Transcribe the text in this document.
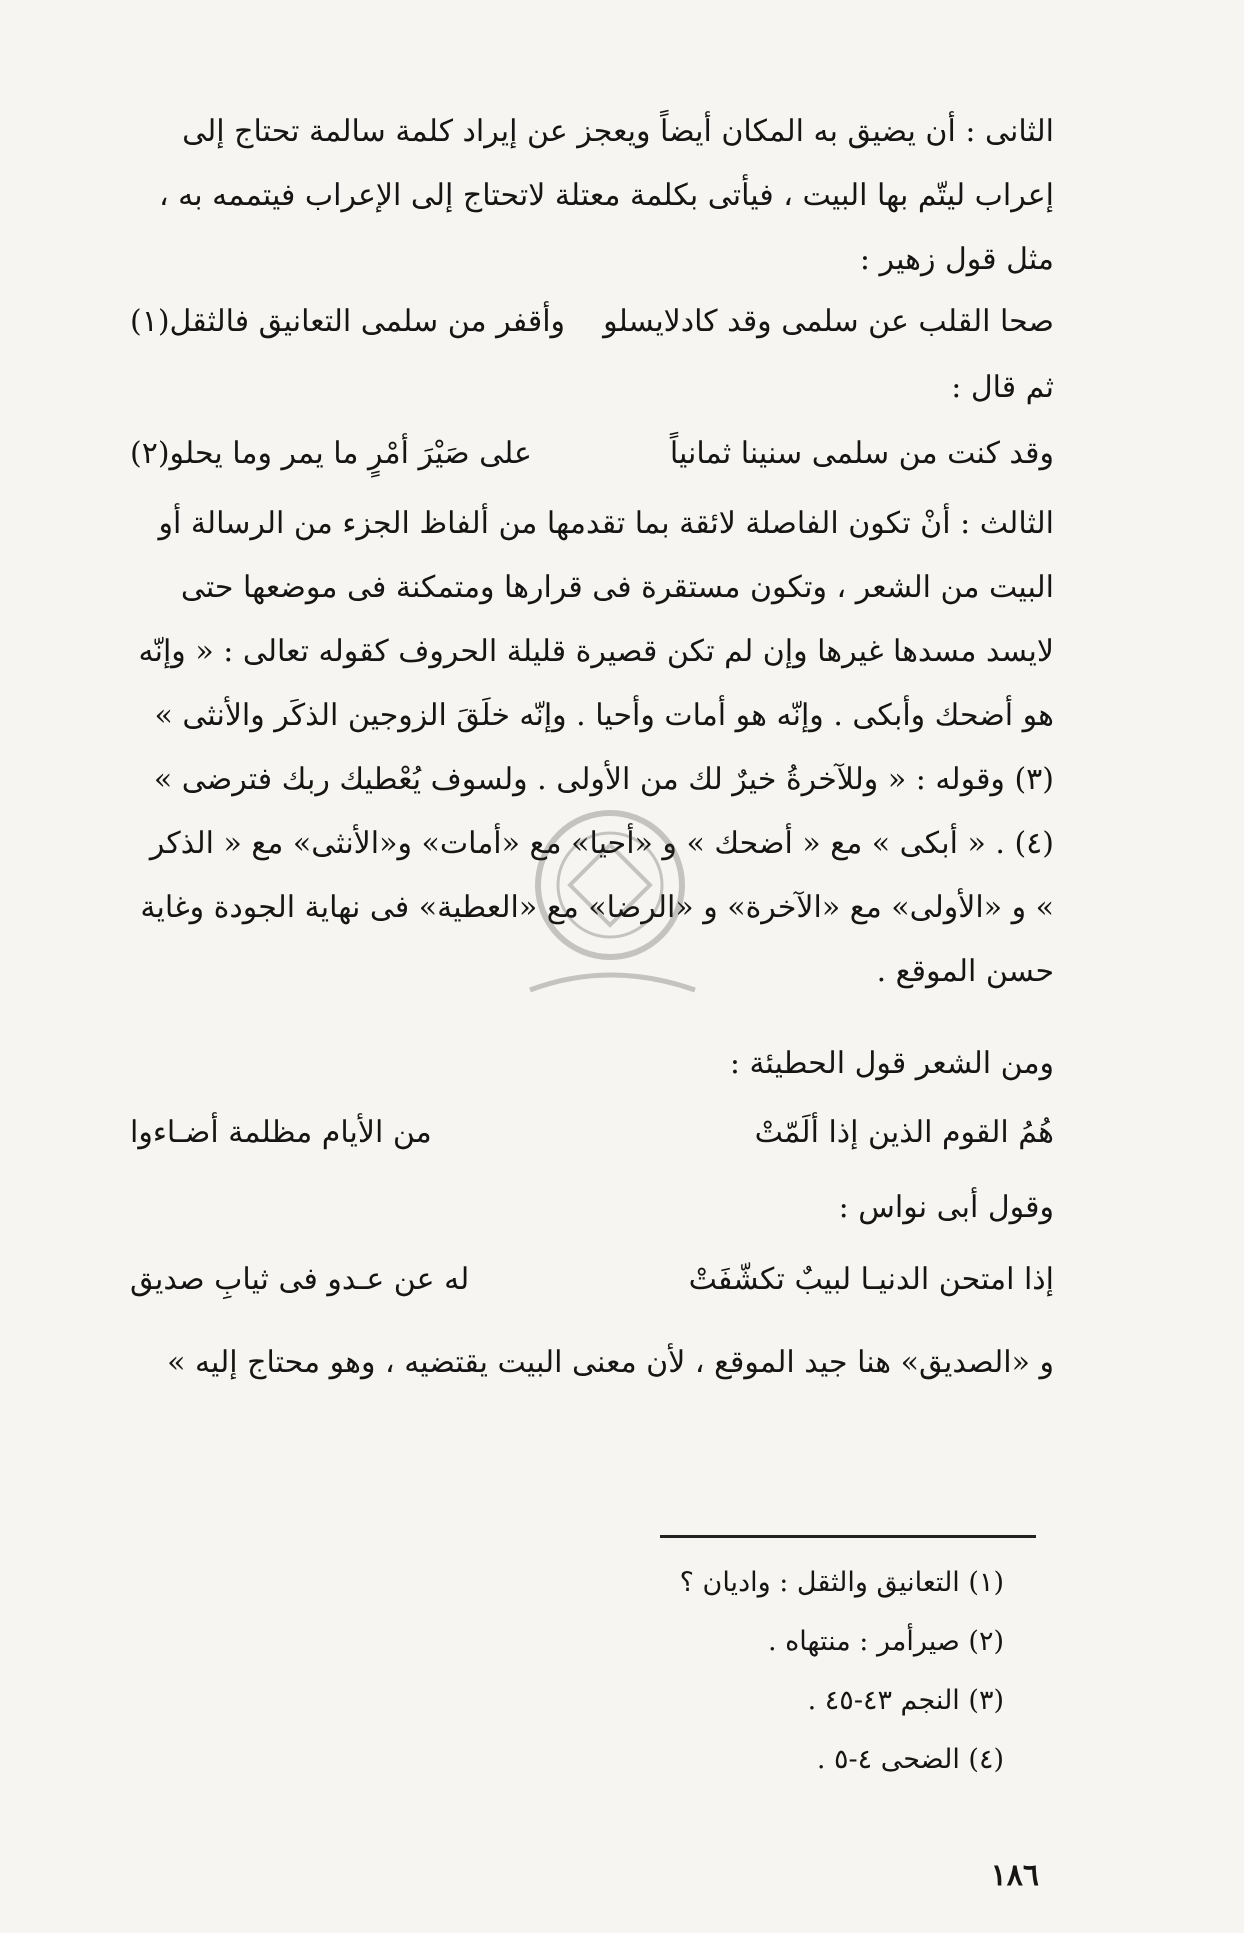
الثانى : أن يضيق به المكان أيضاً ويعجز عن إيراد كلمة سالمة تحتاج إلى إعراب ليتّم بها البيت ، فيأتى بكلمة معتلة لاتحتاج إلى الإعراب فيتممه به ، مثل قول زهير :
صحا القلب عن سلمى وقد كادلايسلو
وأقفر من سلمى التعانيق فالثقل(١)
ثم قال :
وقد كنت من سلمى سنينا ثمانياً
على صَيْرَ أمْرٍ ما يمر وما يحلو(٢)
الثالث : أنْ تكون الفاصلة لائقة بما تقدمها من ألفاظ الجزء من الرسالة أو البيت من الشعر ، وتكون مستقرة فى قرارها ومتمكنة فى موضعها حتى لايسد مسدها غيرها وإن لم تكن قصيرة قليلة الحروف كقوله تعالى : « وإنّه هو أضحك وأبكى . وإنّه هو أمات وأحيا . وإنّه خلَقَ الزوجين الذكَر والأنثى » (٣) وقوله : « وللآخرةُ خيرٌ لك من الأولى . ولسوف يُعْطيك ربك فترضى » (٤) . « أبكى » مع « أضحك » و «أحيا» مع «أمات» و«الأنثى» مع « الذكر » و «الأولى» مع «الآخرة» و «الرضا» مع «العطية» فى نهاية الجودة وغاية حسن الموقع .
ومن الشعر قول الحطيئة :
هُمُ القوم الذين إذا ألَمّتْ
من الأيام مظلمة أضـاءوا
وقول أبى نواس :
إذا امتحن الدنيـا لبيبٌ تكشّفَتْ
له عن عـدو فى ثيابِ صديق
و «الصديق» هنا جيد الموقع ، لأن معنى البيت يقتضيه ، وهو محتاج إليه »
(١) التعانيق والثقل : واديان ؟
(٢) صيرأمر : منتهاه .
(٣) النجم ٤٣-٤٥ .
(٤) الضحى ٤-٥ .
١٨٦
